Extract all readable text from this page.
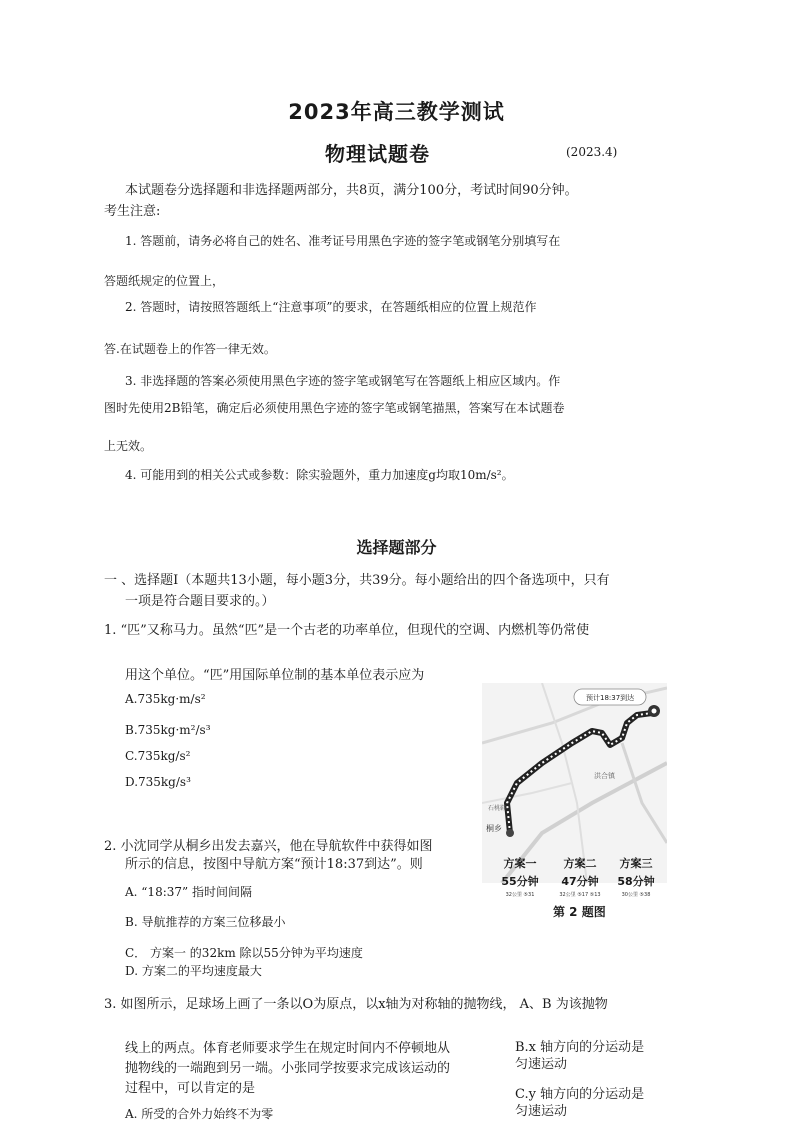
2023年高三教学测试
物理试题卷	(2023.4)
本试题卷分选择题和非选择题两部分，共8页，满分100分，考试时间90分钟。
考生注意:
1. 答题前，请务必将自己的姓名、准考证号用黑色字迹的签字笔或钢笔分别填写在
答题纸规定的位置上，
2. 答题时，请按照答题纸上“注意事项”的要求，在答题纸相应的位置上规范作
答.在试题卷上的作答一律无效。
3. 非选择题的答案必须使用黑色字迹的签字笔或钢笔写在答题纸上相应区域内。作
图时先使用2B铅笔，确定后必须使用黑色字迹的签字笔或钢笔描黑，答案写在本试题卷
上无效。
4. 可能用到的相关公式或参数：除实验题外，重力加速度g均取10m/s²。
选择题部分
一 、选择题I（本题共13小题，每小题3分，共39分。每小题给出的四个备选项中，只有
一项是符合题目要求的。）
1. “匹”又称马力。虽然“匹”是一个古老的功率单位，但现代的空调、内燃机等仍常使
用这个单位。“匹”用国际单位制的基本单位表示应为
A.735kg·m/s²
B.735kg·m²/s³
C.735kg/s²
D.735kg/s³
2. 小沈同学从桐乡出发去嘉兴，他在导航软件中获得如图
所示的信息，按图中导航方案“预计18:37到达”。则
A. “18:37” 指时间间隔
B. 导航推荐的方案三位移最小
C． 方案一 的32km 除以55分钟为平均速度
D. 方案二的平均速度最大
预计18:37到达
洪合镇
石桃鞋
桐乡
方案一
55分钟
32公里 ⑤31
方案二
47分钟
32公里 ⑤17 ⑤13
方案三
58分钟
30公里 ⑤38
第 2 题图
3. 如图所示，足球场上画了一条以O为原点，以x轴为对称轴的抛物线， A、B 为该抛物
线上的两点。体育老师要求学生在规定时间内不停顿地从
抛物线的一端跑到另一端。小张同学按要求完成该运动的
过程中，可以肯定的是
A. 所受的合外力始终不为零
B.x 轴方向的分运动是
匀速运动
C.y 轴方向的分运动是
匀速运动
